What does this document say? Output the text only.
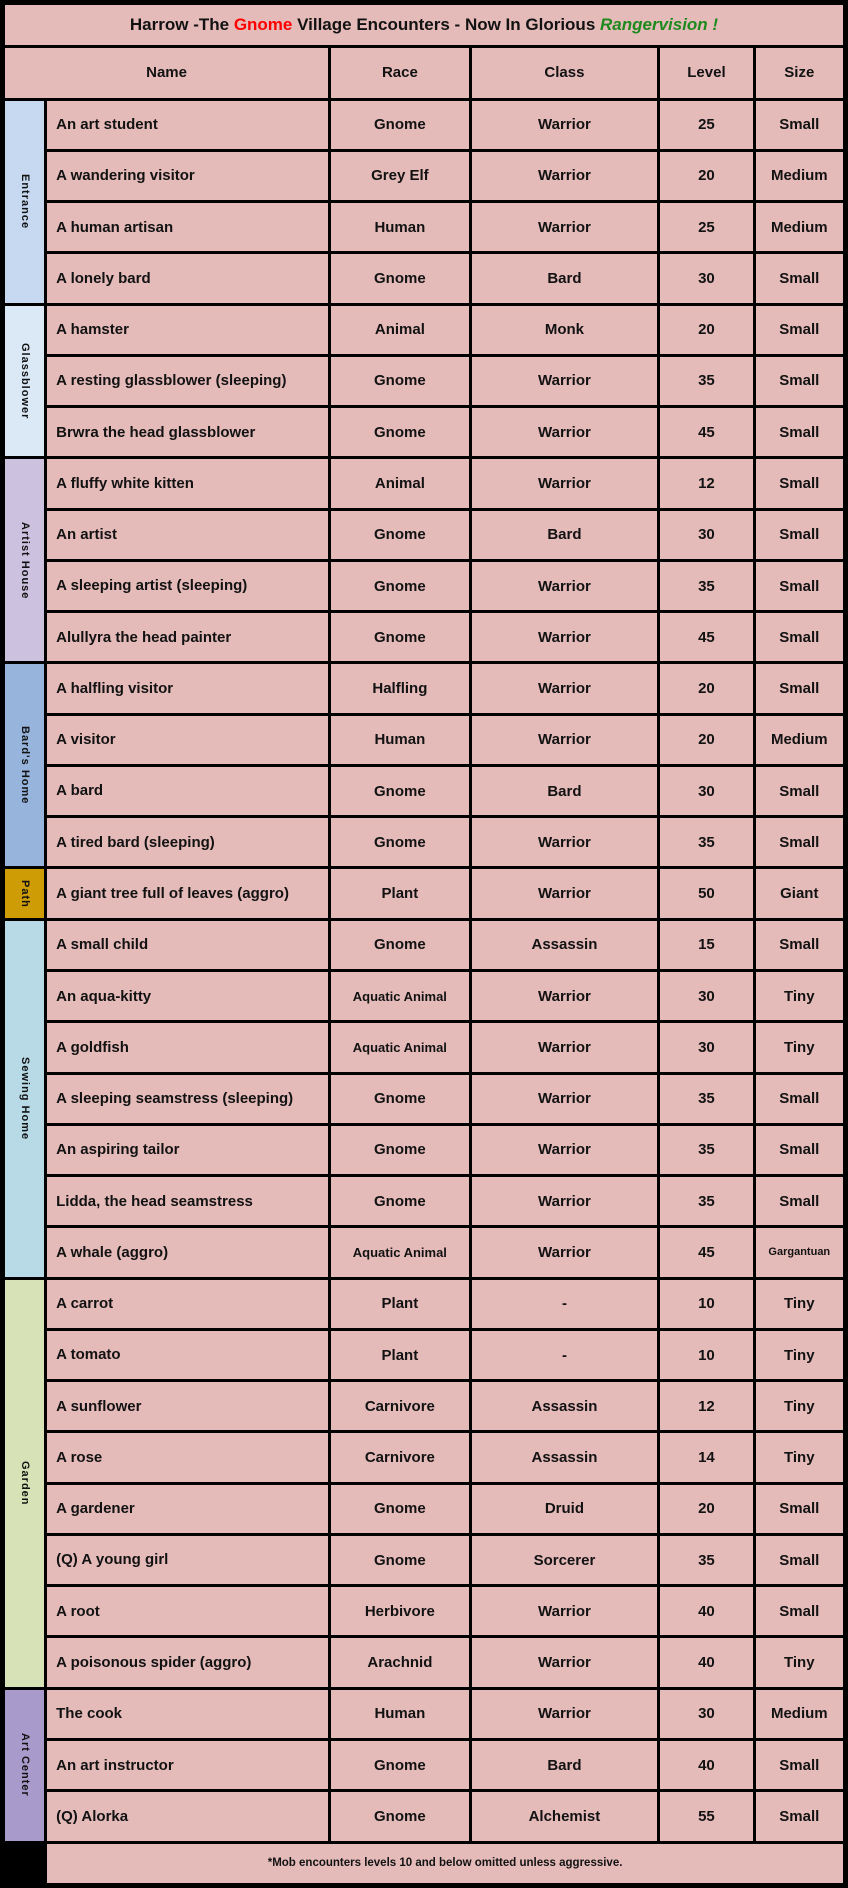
Harrow -The Gnome Village Encounters - Now In Glorious Rangervision !					
Name		Race	Class	Level	Size

Entrance	An art student	Gnome	Warrior	25	Small
	A wandering visitor	Grey Elf	Warrior	20	Medium
	A human artisan	Human	Warrior	25	Medium
	A lonely bard	Gnome	Bard	30	Small

Glassblower	A hamster	Animal	Monk	20	Small
	A resting glassblower (sleeping)	Gnome	Warrior	35	Small
	Brwra the head glassblower	Gnome	Warrior	45	Small

Artist House	A fluffy white kitten	Animal	Warrior	12	Small
	An artist	Gnome	Bard	30	Small
	A sleeping artist (sleeping)	Gnome	Warrior	35	Small
	Alullyra the head painter	Gnome	Warrior	45	Small

Bard's Home	A halfling visitor	Halfling	Warrior	20	Small
	A visitor	Human	Warrior	20	Medium
	A bard	Gnome	Bard	30	Small
	A tired bard (sleeping)	Gnome	Warrior	35	Small

Path	A giant tree full of leaves (aggro)	Plant	Warrior	50	Giant

Sewing Home	A small child	Gnome	Assassin	15	Small
	An aqua-kitty	Aquatic Animal	Warrior	30	Tiny
	A goldfish	Aquatic Animal	Warrior	30	Tiny
	A sleeping seamstress (sleeping)	Gnome	Warrior	35	Small
	An aspiring tailor	Gnome	Warrior	35	Small
	Lidda, the head seamstress	Gnome	Warrior	35	Small
	A whale (aggro)	Aquatic Animal	Warrior	45	Gargantuan

Garden	A carrot	Plant	-	10	Tiny
	A tomato	Plant	-	10	Tiny
	A sunflower	Carnivore	Assassin	12	Tiny
	A rose	Carnivore	Assassin	14	Tiny
	A gardener	Gnome	Druid	20	Small
	(Q) A young girl	Gnome	Sorcerer	35	Small
	A root	Herbivore	Warrior	40	Small
	A poisonous spider (aggro)	Arachnid	Warrior	40	Tiny

Art Center	The cook	Human	Warrior	30	Medium
	An art instructor	Gnome	Bard	40	Small
	(Q) Alorka	Gnome	Alchemist	55	Small
	*Mob encounters levels 10 and below omitted unless aggressive.				
